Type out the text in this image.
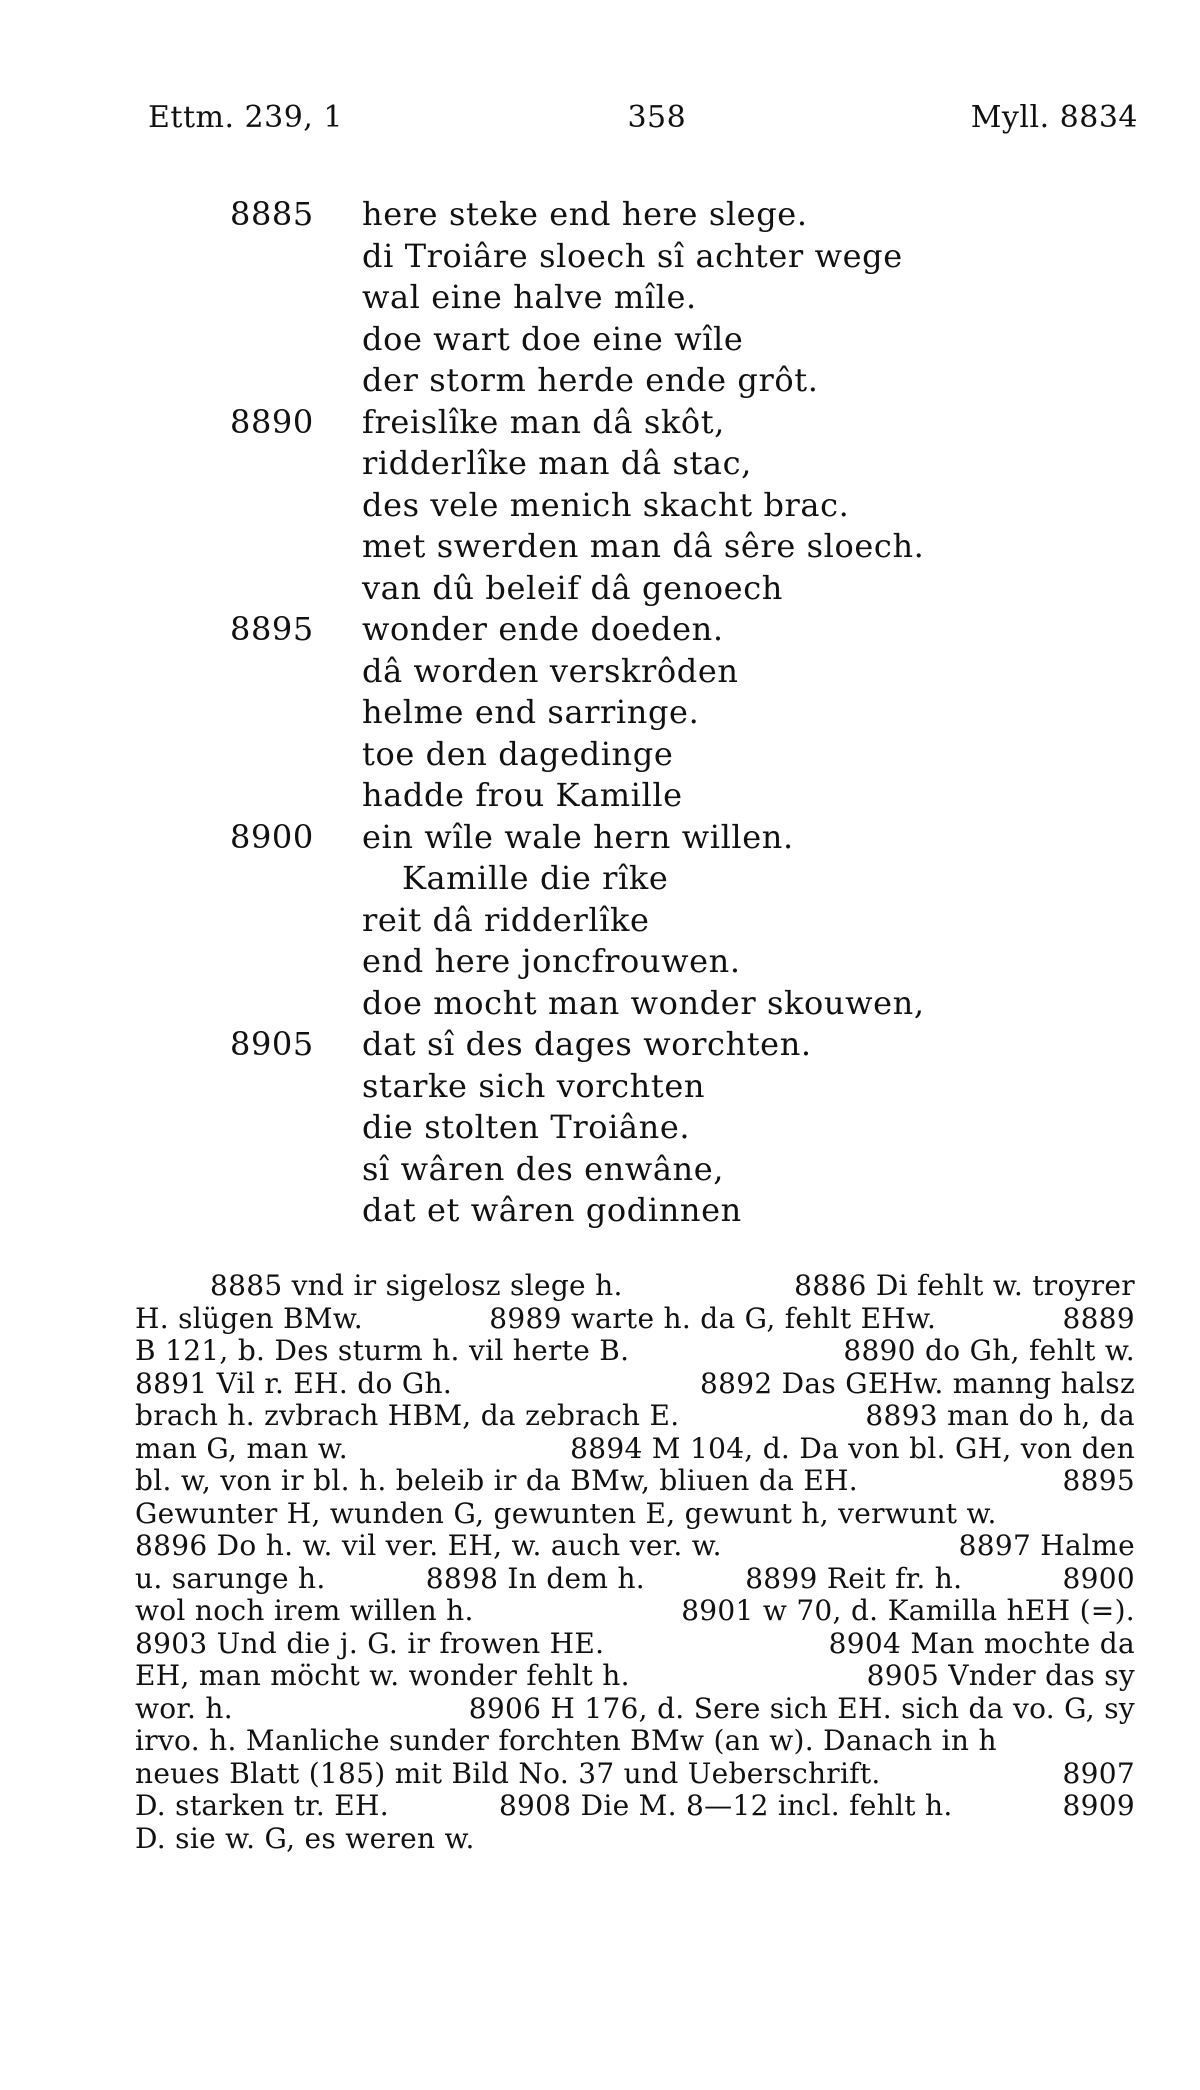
Ettm. 239, 1	358	Myll. 8834
8885	here steke end here slege.
di Troiâre sloech sî achter wege
wal eine halve mîle.
doe wart doe eine wîle
der storm herde ende grôt.
8890	freislîke man dâ skôt,
ridderlîke man dâ stac,
des vele menich skacht brac.
met swerden man dâ sêre sloech.
van dû beleif dâ genoech
8895	wonder ende doeden.
dâ worden verskrôden
helme end sarringe.
toe den dagedinge
hadde frou Kamille
8900	ein wîle wale hern willen.
Kamille die rîke
reit dâ ridderlîke
end here joncfrouwen.
doe mocht man wonder skouwen,
8905	dat sî des dages worchten.
starke sich vorchten
die stolten Troiâne.
sî wâren des enwâne,
dat et wâren godinnen
8885 vnd ir sigelosz slege h.	8886 Di fehlt w. troyrer
H. slügen BMw.	8989 warte h. da G, fehlt EHw.	8889
B 121, b. Des sturm h. vil herte B.	8890 do Gh, fehlt w.
8891 Vil r. EH. do Gh.	8892 Das GEHw. manng halsz
brach h. zvbrach HBM, da zebrach E.	8893 man do h, da
man G, man w.	8894 M 104, d. Da von bl. GH, von den
bl. w, von ir bl. h. beleib ir da BMw, bliuen da EH.	8895
Gewunter H, wunden G, gewunten E, gewunt h, verwunt w.
8896 Do h. w. vil ver. EH, w. auch ver. w.	8897 Halme
u. sarunge h.	8898 In dem h.	8899 Reit fr. h.	8900
wol noch irem willen h.	8901 w 70, d. Kamilla hEH (=).
8903 Und die j. G. ir frowen HE.	8904 Man mochte da
EH, man möcht w. wonder fehlt h.	8905 Vnder das sy
wor. h.	8906 H 176, d. Sere sich EH. sich da vo. G, sy
irvo. h. Manliche sunder forchten BMw (an w). Danach in h
neues Blatt (185) mit Bild No. 37 und Ueberschrift.	8907
D. starken tr. EH.	8908 Die M. 8—12 incl. fehlt h.	8909
D. sie w. G, es weren w.
